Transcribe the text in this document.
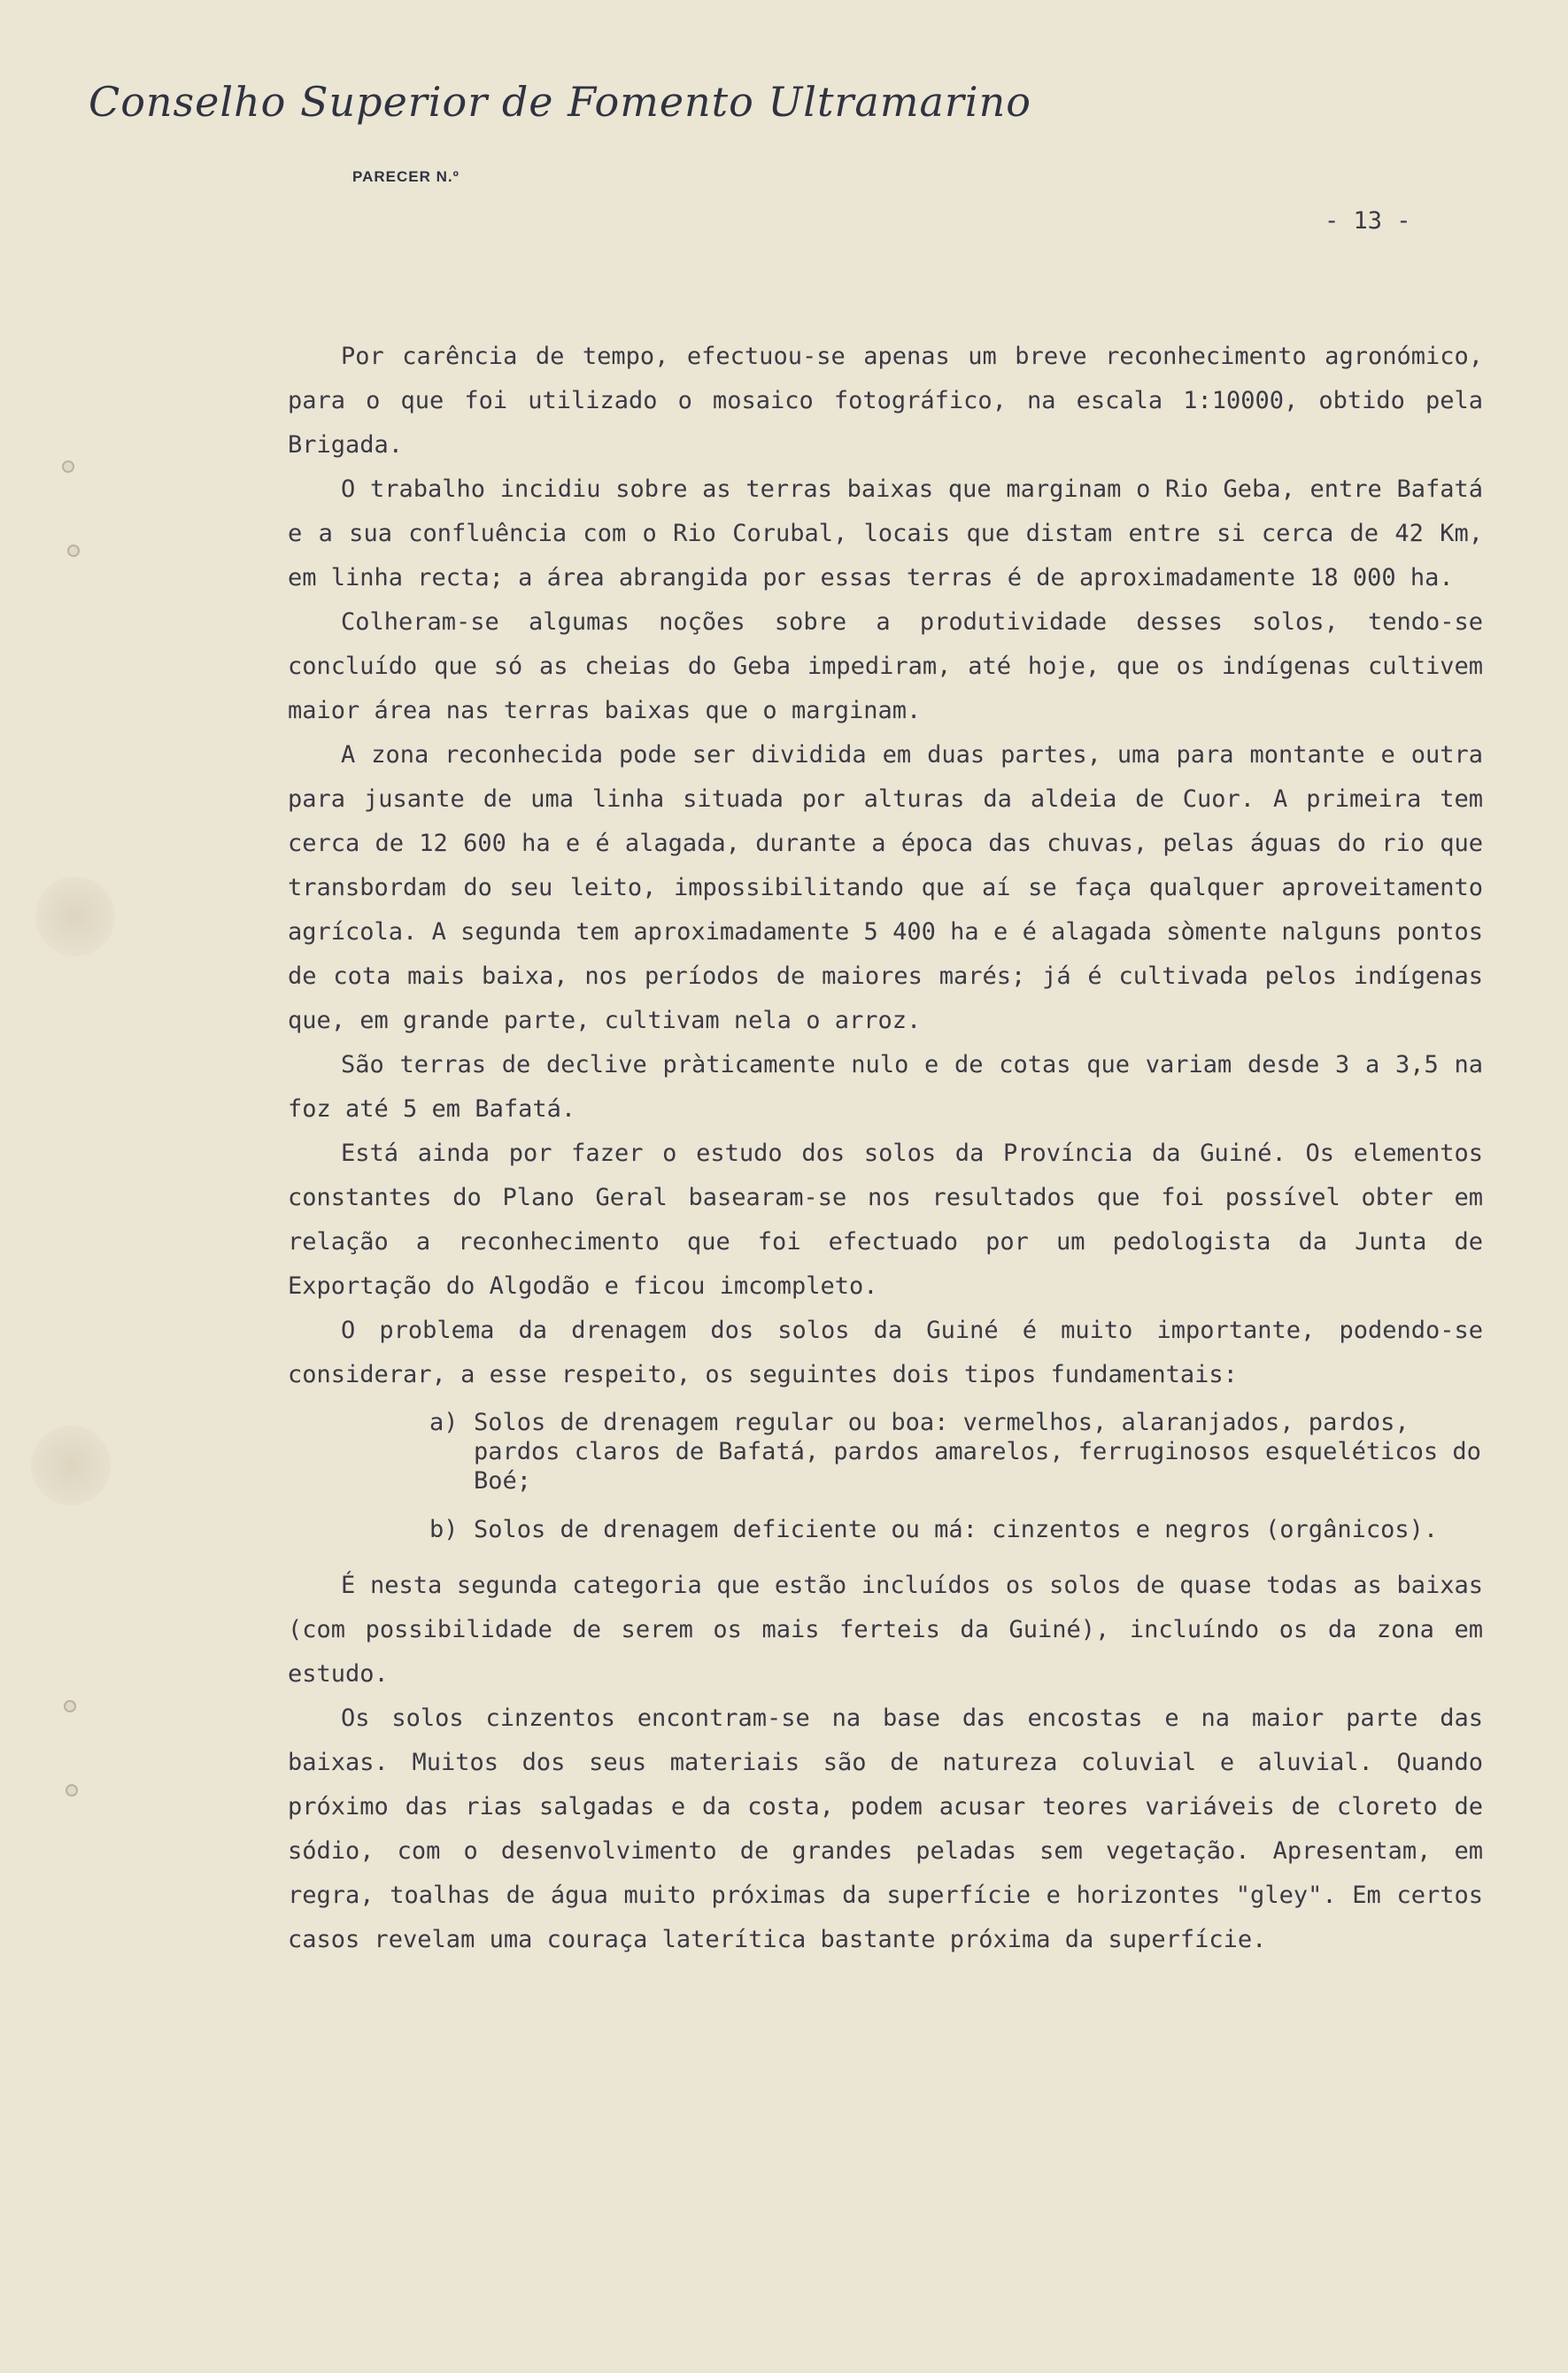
Conselho Superior de Fomento Ultramarino
PARECER N.º
- 13 -

Por carência de tempo, efectuou-se apenas um breve reconhecimento agronómico, para o que foi utilizado o mosaico fotográfico, na escala 1:10000, obtido pela Brigada.

O trabalho incidiu sobre as terras baixas que marginam o Rio Geba, entre Bafatá e a sua confluência com o Rio Corubal, locais que distam entre si cerca de 42 Km, em linha recta; a área abrangida por essas terras é de aproximadamente 18 000 ha.

Colheram-se algumas noções sobre a produtividade desses solos, tendo-se concluído que só as cheias do Geba impediram, até hoje, que os indígenas cultivem maior área nas terras baixas que o marginam.

A zona reconhecida pode ser dividida em duas partes, uma para montante e outra para jusante de uma linha situada por alturas da aldeia de Cuor. A primeira tem cerca de 12 600 ha e é alagada, durante a época das chuvas, pelas águas do rio que transbordam do seu leito, impossibilitando que aí se faça qualquer aproveitamento agrícola. A segunda tem aproximadamente 5 400 ha e é alagada sòmente nalguns pontos de cota mais baixa, nos períodos de maiores marés; já é cultivada pelos indígenas que, em grande parte, cultivam nela o arroz.

São terras de declive pràticamente nulo e de cotas que variam desde 3 a 3,5 na foz até 5 em Bafatá.

Está ainda por fazer o estudo dos solos da Província da Guiné. Os elementos constantes do Plano Geral basearam-se nos resultados que foi possível obter em relação a reconhecimento que foi efectuado por um pedologista da Junta de Exportação do Algodão e ficou imcompleto.

O problema da drenagem dos solos da Guiné é muito importante, podendo-se considerar, a esse respeito, os seguintes dois tipos fundamentais:

a) Solos de drenagem regular ou boa: vermelhos, alaranjados, pardos, pardos claros de Bafatá, pardos amarelos, ferruginosos esqueléticos do Boé;
b) Solos de drenagem deficiente ou má: cinzentos e negros (orgânicos).

É nesta segunda categoria que estão incluídos os solos de quase todas as baixas (com possibilidade de serem os mais ferteis da Guiné), incluíndo os da zona em estudo.

Os solos cinzentos encontram-se na base das encostas e na maior parte das baixas. Muitos dos seus materiais são de natureza coluvial e aluvial. Quando próximo das rias salgadas e da costa, podem acusar teores variáveis de cloreto de sódio, com o desenvolvimento de grandes peladas sem vegetação. Apresentam, em regra, toalhas de água muito próximas da superfície e horizontes "gley". Em certos casos revelam uma couraça laterítica bastante próxima da superfície.
